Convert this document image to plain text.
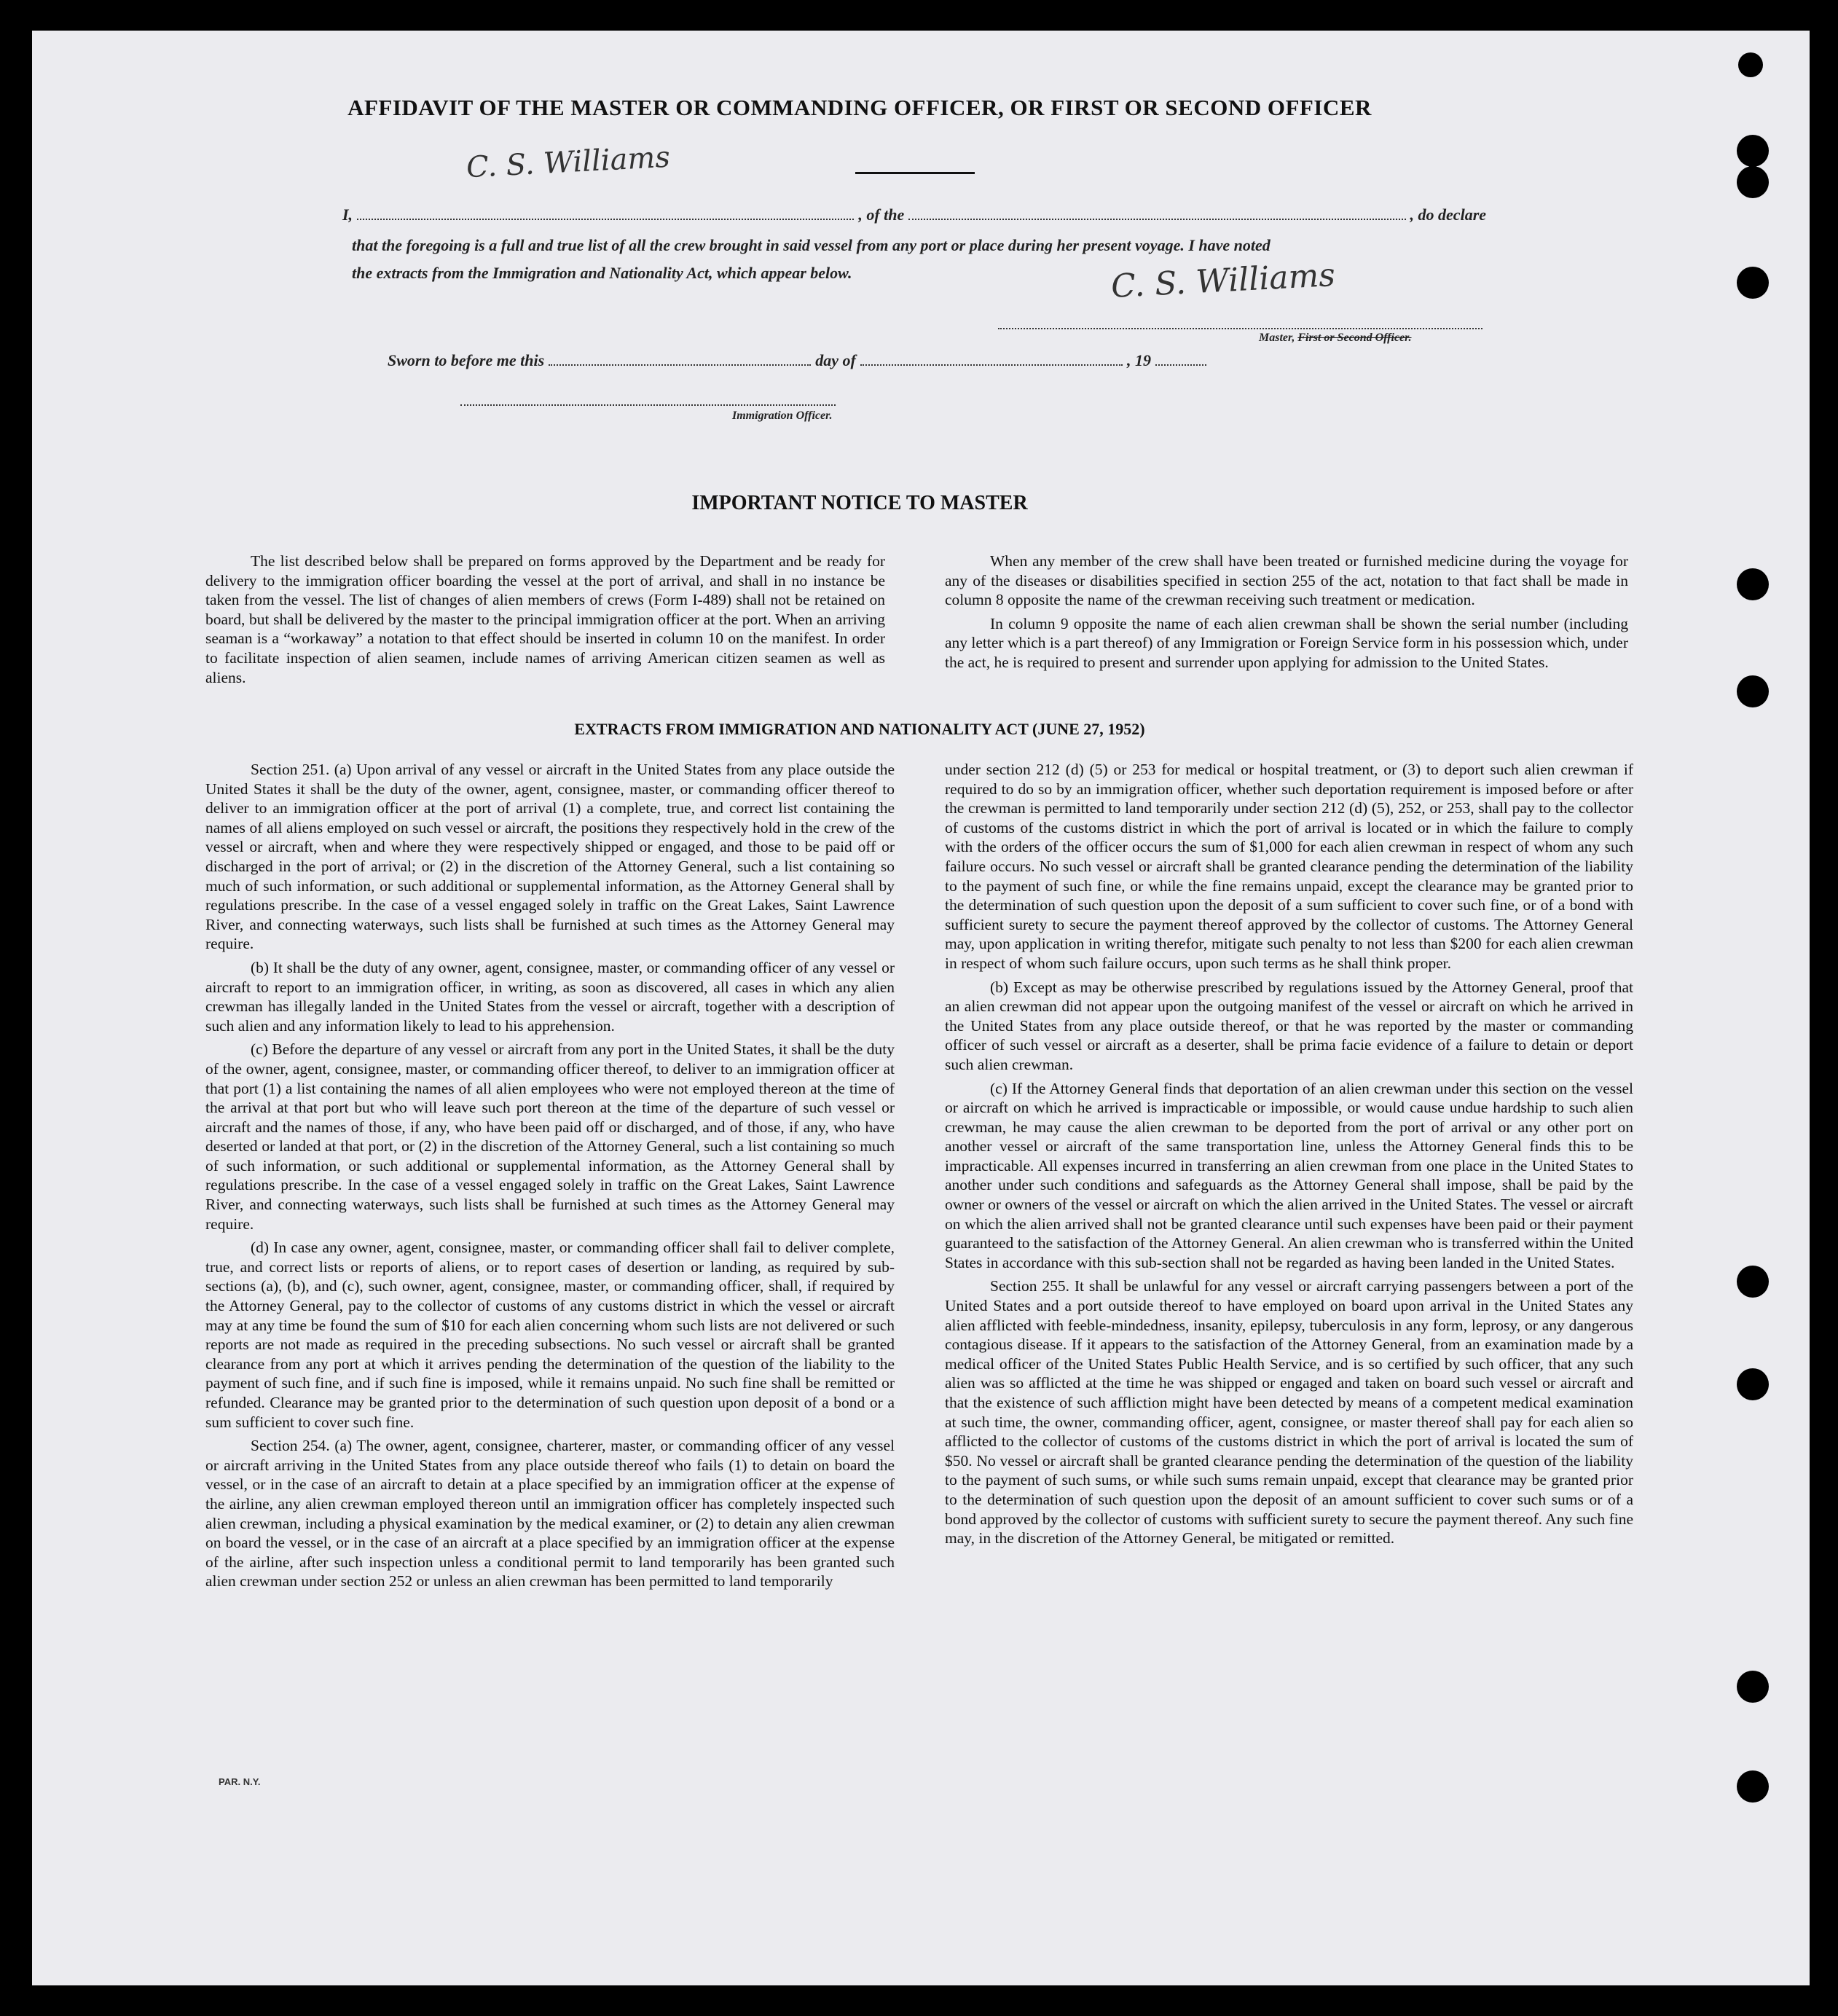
AFFIDAVIT OF THE MASTER OR COMMANDING OFFICER, OR FIRST OR SECOND OFFICER
C. S. Williams
I,	, of the	, do declare
that the foregoing is a full and true list of all the crew brought in said vessel from any port or place during her present voyage. I have noted
the extracts from the Immigration and Nationality Act, which appear below.	C. S. Williams
Master, First or Second Officer.
Sworn to before me this	day of	, 19
Immigration Officer.
IMPORTANT NOTICE TO MASTER

The list described below shall be prepared on forms approved by the Department and be ready for delivery to the immigration officer boarding the vessel at the port of arrival, and shall in no instance be taken from the vessel. The list of changes of alien members of crews (Form I-489) shall not be retained on board, but shall be delivered by the master to the principal immigration officer at the port. When an arriving seaman is a “workaway” a notation to that effect should be inserted in column 10 on the manifest. In order to facilitate inspection of alien seamen, include names of arriving American citizen seamen as well as aliens.

When any member of the crew shall have been treated or furnished medicine during the voyage for any of the diseases or disabilities specified in section 255 of the act, notation to that fact shall be made in column 8 opposite the name of the crewman receiving such treatment or medication.

In column 9 opposite the name of each alien crewman shall be shown the serial number (including any letter which is a part thereof) of any Immigration or Foreign Service form in his possession which, under the act, he is required to present and surrender upon applying for admission to the United States.

EXTRACTS FROM IMMIGRATION AND NATIONALITY ACT (JUNE 27, 1952)

Section 251. (a) Upon arrival of any vessel or aircraft in the United States from any place outside the United States it shall be the duty of the owner, agent, consignee, master, or commanding officer thereof to deliver to an immigration officer at the port of arrival (1) a complete, true, and correct list containing the names of all aliens employed on such vessel or aircraft, the positions they respectively hold in the crew of the vessel or aircraft, when and where they were respectively shipped or engaged, and those to be paid off or discharged in the port of arrival; or (2) in the discretion of the Attorney General, such a list containing so much of such information, or such additional or supplemental information, as the Attorney General shall by regulations prescribe. In the case of a vessel engaged solely in traffic on the Great Lakes, Saint Lawrence River, and connecting waterways, such lists shall be furnished at such times as the Attorney General may require.

(b) It shall be the duty of any owner, agent, consignee, master, or commanding officer of any vessel or aircraft to report to an immigration officer, in writing, as soon as discovered, all cases in which any alien crewman has illegally landed in the United States from the vessel or aircraft, together with a description of such alien and any information likely to lead to his apprehension.

(c) Before the departure of any vessel or aircraft from any port in the United States, it shall be the duty of the owner, agent, consignee, master, or commanding officer thereof, to deliver to an immigration officer at that port (1) a list containing the names of all alien employees who were not employed thereon at the time of the arrival at that port but who will leave such port thereon at the time of the departure of such vessel or aircraft and the names of those, if any, who have been paid off or discharged, and of those, if any, who have deserted or landed at that port, or (2) in the discretion of the Attorney General, such a list containing so much of such information, or such additional or supplemental information, as the Attorney General shall by regulations prescribe. In the case of a vessel engaged solely in traffic on the Great Lakes, Saint Lawrence River, and connecting waterways, such lists shall be furnished at such times as the Attorney General may require.

(d) In case any owner, agent, consignee, master, or commanding officer shall fail to deliver complete, true, and correct lists or reports of aliens, or to report cases of desertion or landing, as required by sub-sections (a), (b), and (c), such owner, agent, consignee, master, or commanding officer, shall, if required by the Attorney General, pay to the collector of customs of any customs district in which the vessel or aircraft may at any time be found the sum of $10 for each alien concerning whom such lists are not delivered or such reports are not made as required in the preceding subsections. No such vessel or aircraft shall be granted clearance from any port at which it arrives pending the determination of the question of the liability to the payment of such fine, and if such fine is imposed, while it remains unpaid. No such fine shall be remitted or refunded. Clearance may be granted prior to the determination of such question upon deposit of a bond or a sum sufficient to cover such fine.

Section 254. (a) The owner, agent, consignee, charterer, master, or commanding officer of any vessel or aircraft arriving in the United States from any place outside thereof who fails (1) to detain on board the vessel, or in the case of an aircraft to detain at a place specified by an immigration officer at the expense of the airline, any alien crewman employed thereon until an immigration officer has completely inspected such alien crewman, including a physical examination by the medical examiner, or (2) to detain any alien crewman on board the vessel, or in the case of an aircraft at a place specified by an immigration officer at the expense of the airline, after such inspection unless a conditional permit to land temporarily has been granted such alien crewman under section 252 or unless an alien crewman has been permitted to land temporarily

under section 212 (d) (5) or 253 for medical or hospital treatment, or (3) to deport such alien crewman if required to do so by an immigration officer, whether such deportation requirement is imposed before or after the crewman is permitted to land temporarily under section 212 (d) (5), 252, or 253, shall pay to the collector of customs of the customs district in which the port of arrival is located or in which the failure to comply with the orders of the officer occurs the sum of $1,000 for each alien crewman in respect of whom any such failure occurs. No such vessel or aircraft shall be granted clearance pending the determination of the liability to the payment of such fine, or while the fine remains unpaid, except the clearance may be granted prior to the determination of such question upon the deposit of a sum sufficient to cover such fine, or of a bond with sufficient surety to secure the payment thereof approved by the collector of customs. The Attorney General may, upon application in writing therefor, mitigate such penalty to not less than $200 for each alien crewman in respect of whom such failure occurs, upon such terms as he shall think proper.

(b) Except as may be otherwise prescribed by regulations issued by the Attorney General, proof that an alien crewman did not appear upon the outgoing manifest of the vessel or aircraft on which he arrived in the United States from any place outside thereof, or that he was reported by the master or commanding officer of such vessel or aircraft as a deserter, shall be prima facie evidence of a failure to detain or deport such alien crewman.

(c) If the Attorney General finds that deportation of an alien crewman under this section on the vessel or aircraft on which he arrived is impracticable or impossible, or would cause undue hardship to such alien crewman, he may cause the alien crewman to be deported from the port of arrival or any other port on another vessel or aircraft of the same transportation line, unless the Attorney General finds this to be impracticable. All expenses incurred in transferring an alien crewman from one place in the United States to another under such conditions and safeguards as the Attorney General shall impose, shall be paid by the owner or owners of the vessel or aircraft on which the alien arrived in the United States. The vessel or aircraft on which the alien arrived shall not be granted clearance until such expenses have been paid or their payment guaranteed to the satisfaction of the Attorney General. An alien crewman who is transferred within the United States in accordance with this sub-section shall not be regarded as having been landed in the United States.

Section 255. It shall be unlawful for any vessel or aircraft carrying passengers between a port of the United States and a port outside thereof to have employed on board upon arrival in the United States any alien afflicted with feeble-mindedness, insanity, epilepsy, tuberculosis in any form, leprosy, or any dangerous contagious disease. If it appears to the satisfaction of the Attorney General, from an examination made by a medical officer of the United States Public Health Service, and is so certified by such officer, that any such alien was so afflicted at the time he was shipped or engaged and taken on board such vessel or aircraft and that the existence of such affliction might have been detected by means of a competent medical examination at such time, the owner, commanding officer, agent, consignee, or master thereof shall pay for each alien so afflicted to the collector of customs of the customs district in which the port of arrival is located the sum of $50. No vessel or aircraft shall be granted clearance pending the determination of the question of the liability to the payment of such sums, or while such sums remain unpaid, except that clearance may be granted prior to the determination of such question upon the deposit of an amount sufficient to cover such sums or of a bond approved by the collector of customs with sufficient surety to secure the payment thereof. Any such fine may, in the discretion of the Attorney General, be mitigated or remitted.

PAR. N.Y.
